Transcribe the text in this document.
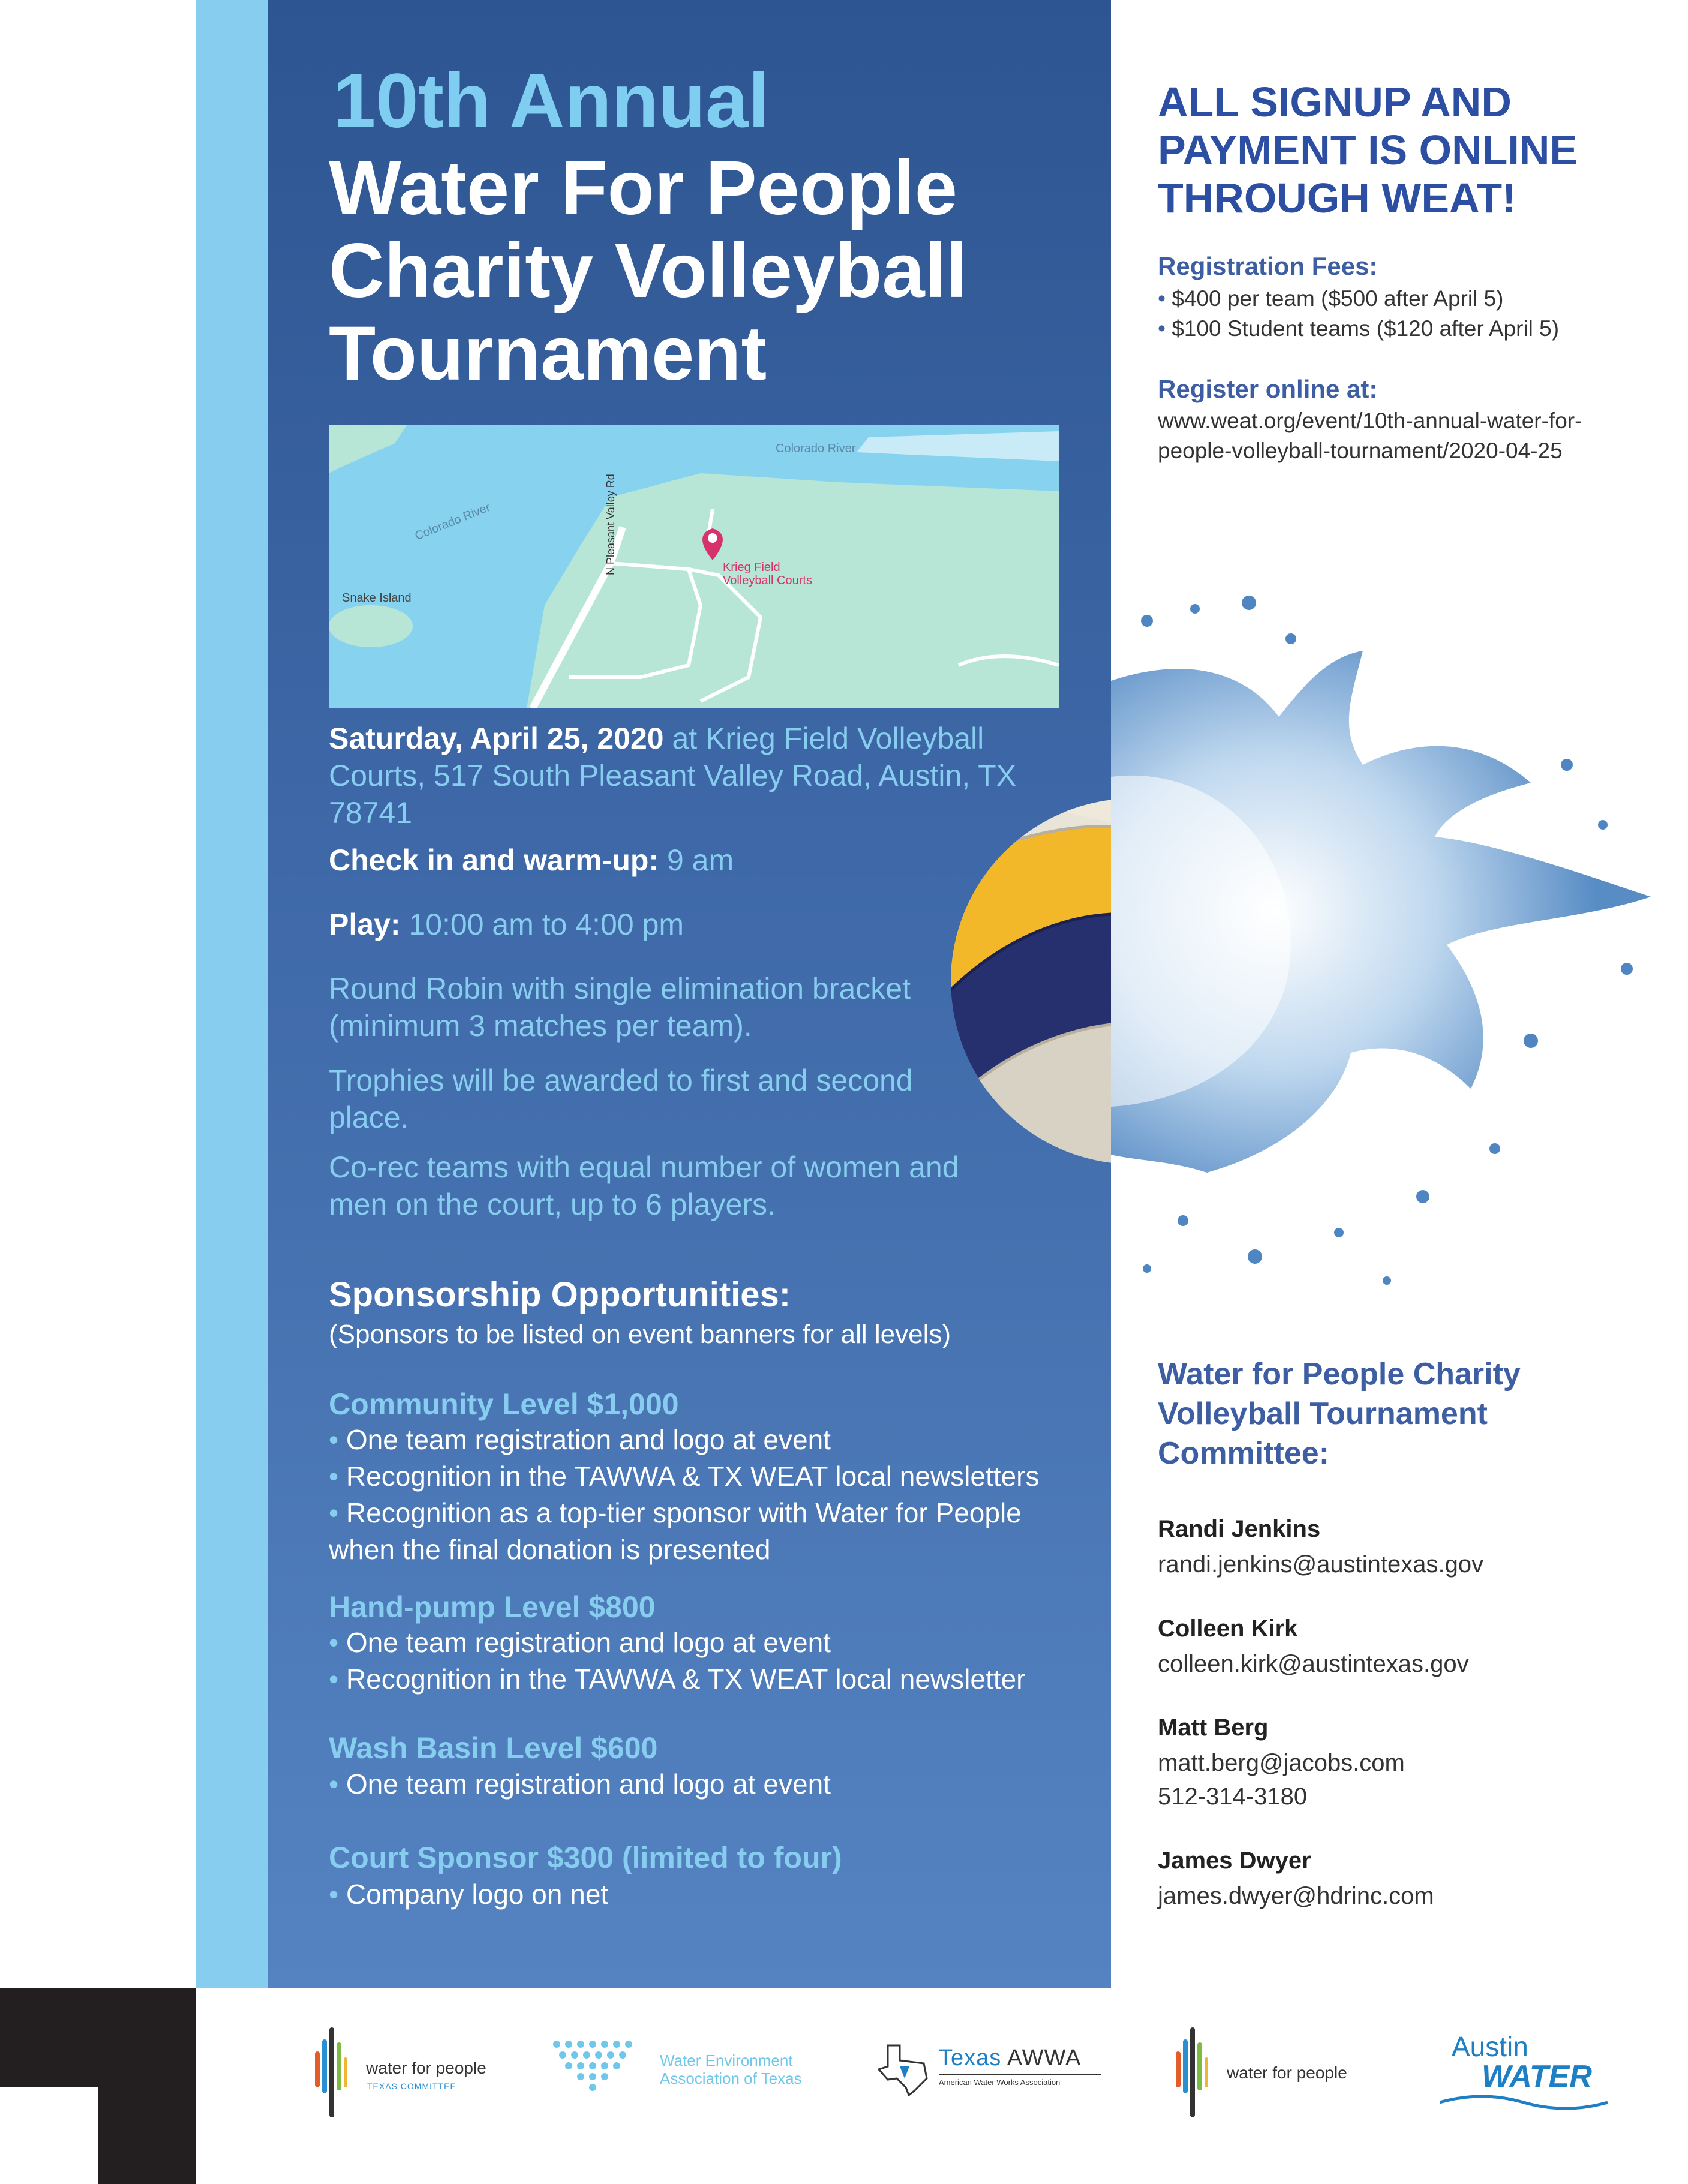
10th Annual
Water For People
Charity Volleyball
Tournament
N Pleasant Valley Rd
Colorado River
Colorado River
Snake Island
Krieg Field
Volleyball Courts
Saturday, April 25, 2020 at Krieg Field Volleyball Courts, 517 South Pleasant Valley Road, Austin, TX 78741
Check in and warm-up: 9 am
Play: 10:00 am to 4:00 pm
Round Robin with single elimination bracket (minimum 3 matches per team).
Trophies will be awarded to first and second place.
Co-rec teams with equal number of women and men on the court, up to 6 players.
Sponsorship Opportunities:
(Sponsors to be listed on event banners for all levels)
Community Level $1,000
• One team registration and logo at event
• Recognition in the TAWWA & TX WEAT local newsletters
• Recognition as a top-tier sponsor with Water for People when the final donation is presented
Hand-pump Level $800
• One team registration and logo at event
• Recognition in the TAWWA & TX WEAT local newsletter
Wash Basin Level $600
• One team registration and logo at event
Court Sponsor $300 (limited to four)
• Company logo on net
ALL SIGNUP AND
PAYMENT IS ONLINE
THROUGH WEAT!
Registration Fees:
• $400 per team ($500 after April 5)
• $100 Student teams ($120 after April 5)
Register online at:
www.weat.org/event/10th-annual-water-for-
people-volleyball-tournament/2020-04-25
Water for People Charity
Volleyball Tournament
Committee:
Randi Jenkins
randi.jenkins@austintexas.gov
Colleen Kirk
colleen.kirk@austintexas.gov
Matt Berg
matt.berg@jacobs.com
512-314-3180
James Dwyer
james.dwyer@hdrinc.com
water for people
TEXAS COMMITTEE
Water Environment
Association of Texas
Texas AWWA
American Water Works Association
water for people
Austin
WATER
